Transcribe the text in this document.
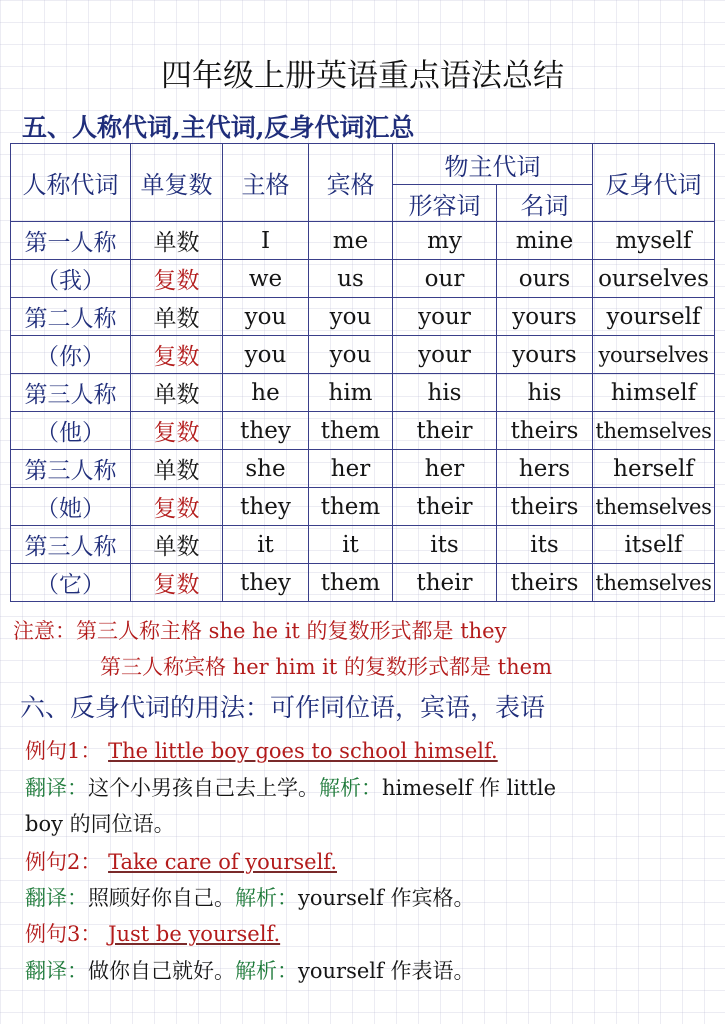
四年级上册英语重点语法总结
五、人称代词,主代词,反身代词汇总
人称代词	单复数	主格	宾格	物主代词		反身代词
				形容词	名词	
第一人称	单数	I	me	my	mine	myself
（我）	复数	we	us	our	ours	ourselves
第二人称	单数	you	you	your	yours	yourself
（你）	复数	you	you	your	yours	yourselves
第三人称	单数	he	him	his	his	himself
（他）	复数	they	them	their	theirs	themselves
第三人称	单数	she	her	her	hers	herself
（她）	复数	they	them	their	theirs	themselves
第三人称	单数	it	it	its	its	itself
（它）	复数	they	them	their	theirs	themselves
注意：第三人称主格 she he it 的复数形式都是 they
第三人称宾格 her him it 的复数形式都是 them
六、反身代词的用法：可作同位语，宾语，表语
例句1： The little boy goes to school himself.
翻译：这个小男孩自己去上学。解析：himeself 作 little
boy 的同位语。
例句2： Take care of yourself.
翻译：照顾好你自己。解析：yourself 作宾格。
例句3： Just be yourself.
翻译：做你自己就好。解析：yourself 作表语。
